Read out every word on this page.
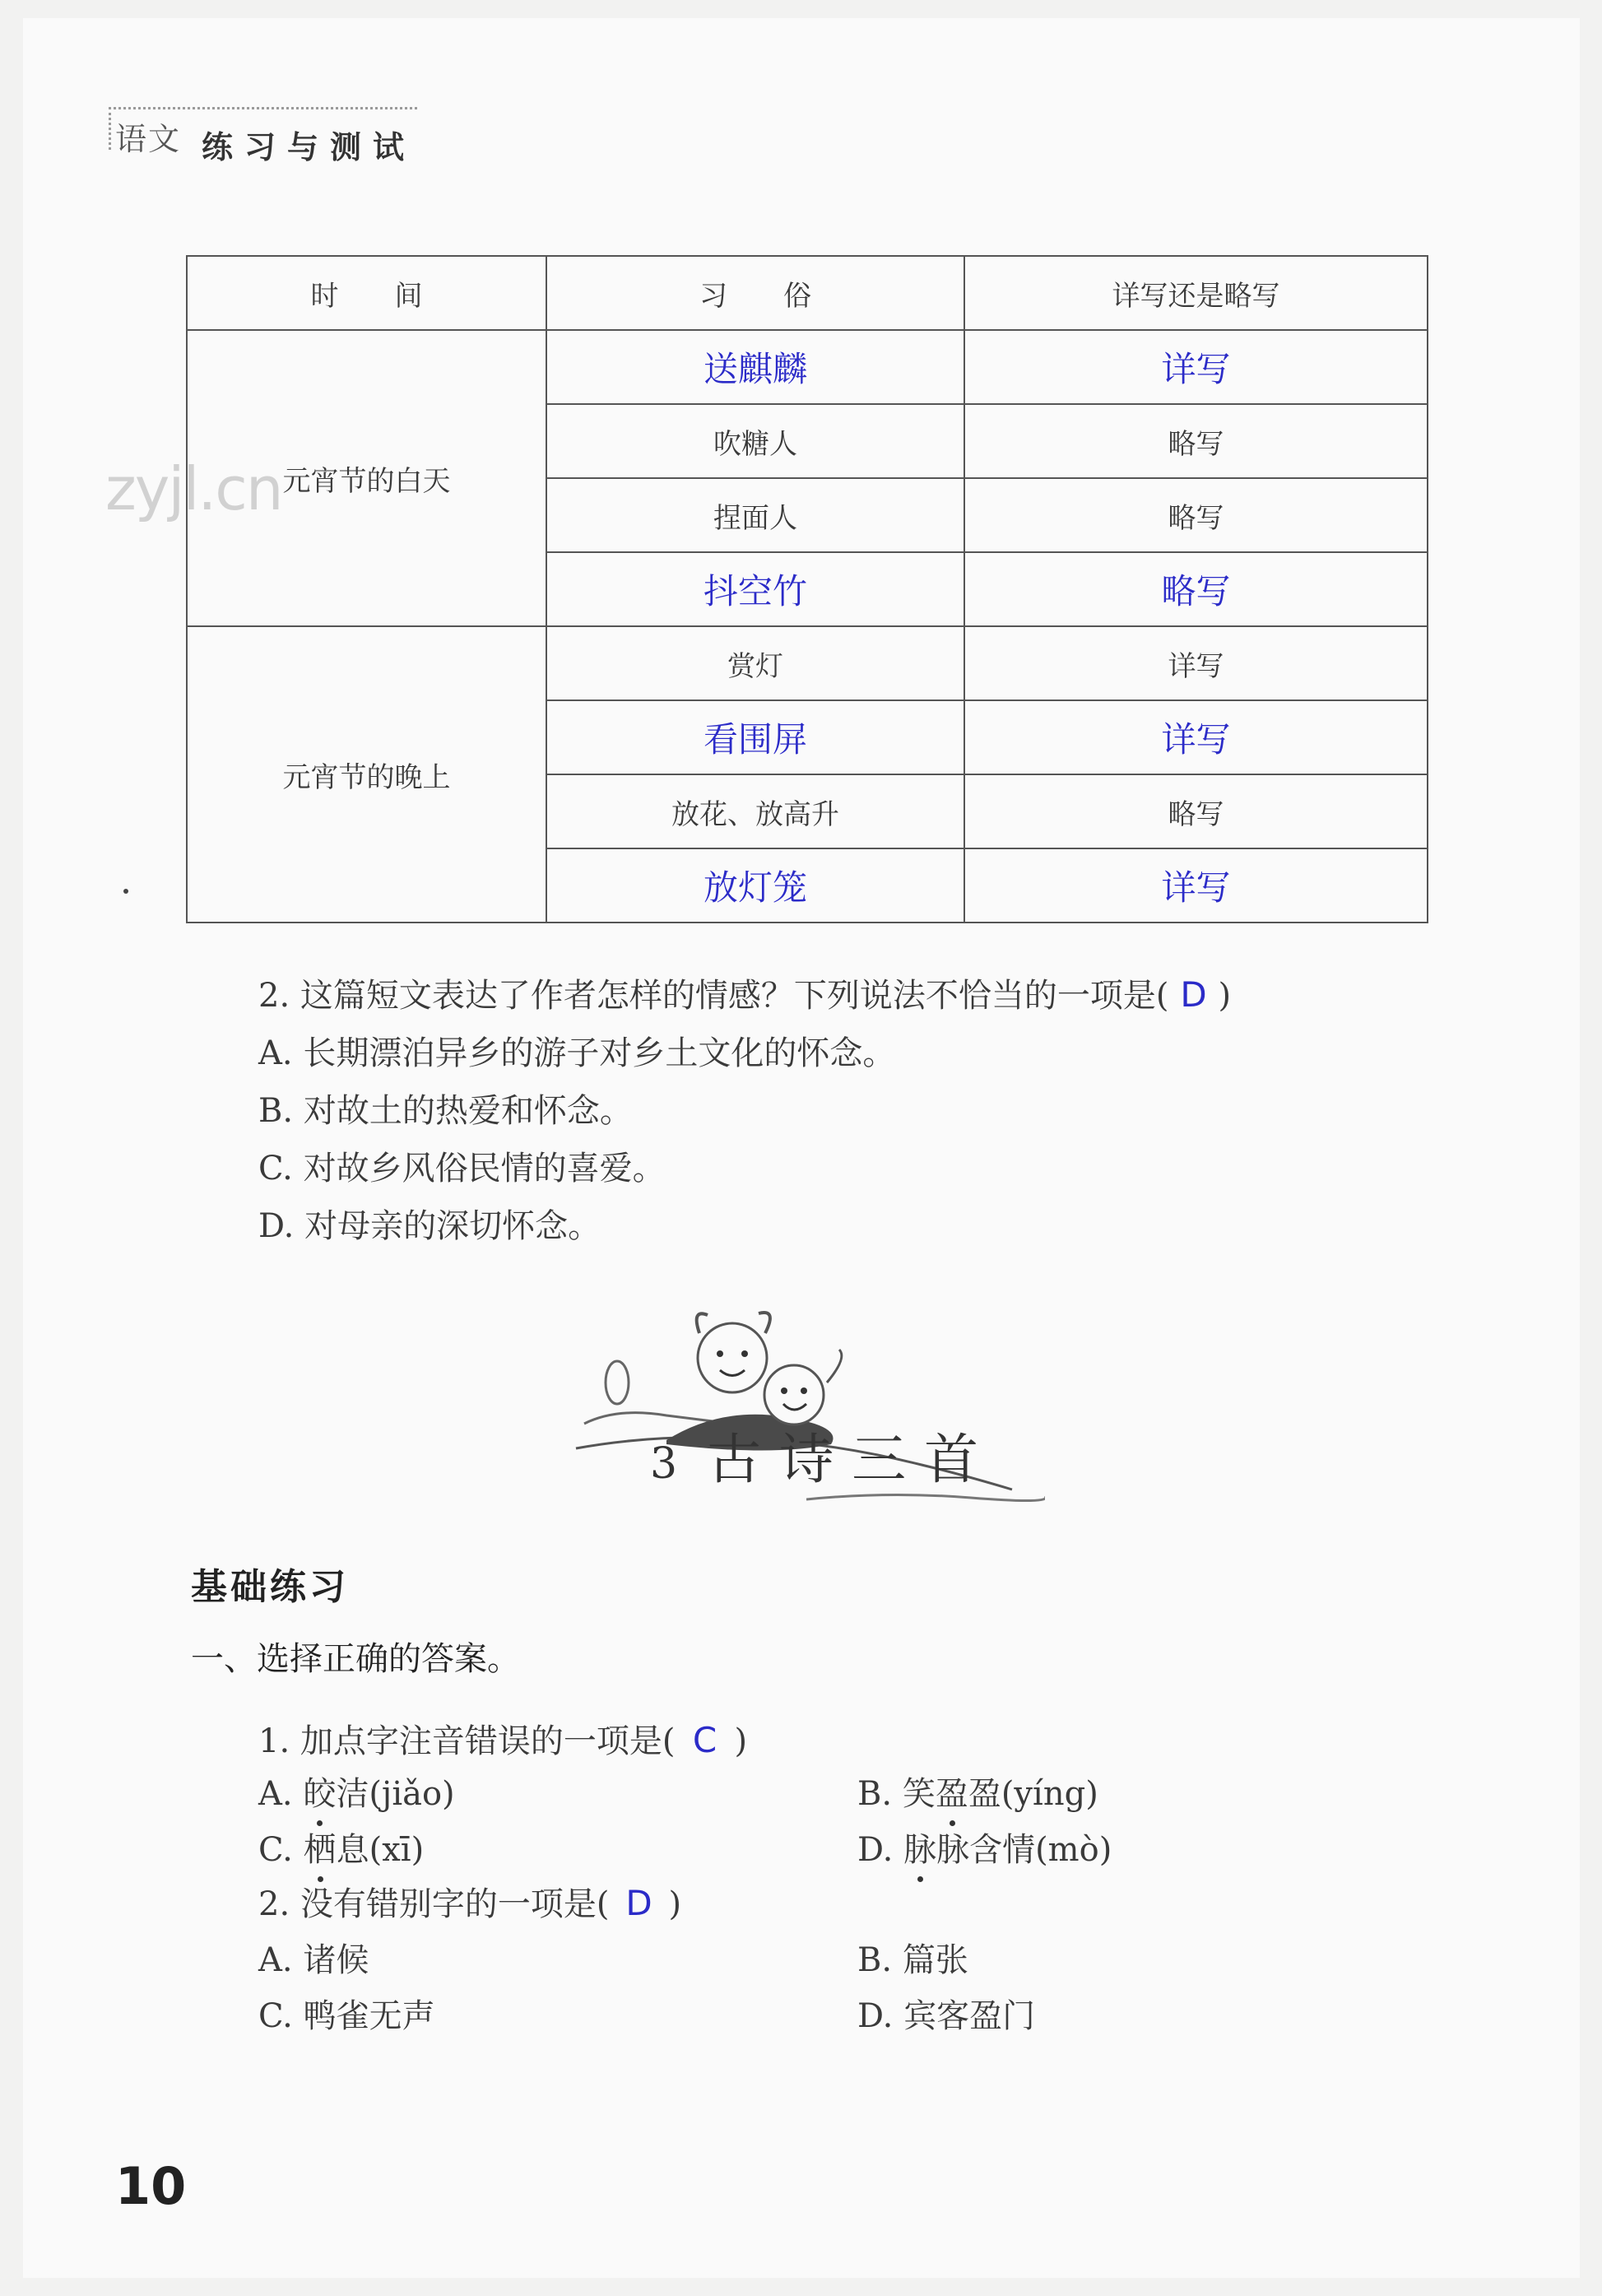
语文 练习与测试
时　　间	习　　俗	详写还是略写
元宵节的白天	送麒麟	详写
	吹糖人	略写
	捏面人	略写
	抖空竹	略写
元宵节的晚上	赏灯	详写
	看围屏	详写
	放花、放高升	略写
	放灯笼	详写
zyjl.cn
2. 这篇短文表达了作者怎样的情感？下列说法不恰当的一项是( D )
A. 长期漂泊异乡的游子对乡土文化的怀念。
B. 对故土的热爱和怀念。
C. 对故乡风俗民情的喜爱。
D. 对母亲的深切怀念。
3 古诗三首
基础练习
一、选择正确的答案。
1. 加点字注音错误的一项是( C )
A. 皎洁(jiǎo)	B. 笑盈盈(yíng)
C. 栖息(xī)	D. 脉脉含情(mò)
2. 没有错别字的一项是( D )
A. 诸候	B. 篇张
C. 鸭雀无声	D. 宾客盈门
10
